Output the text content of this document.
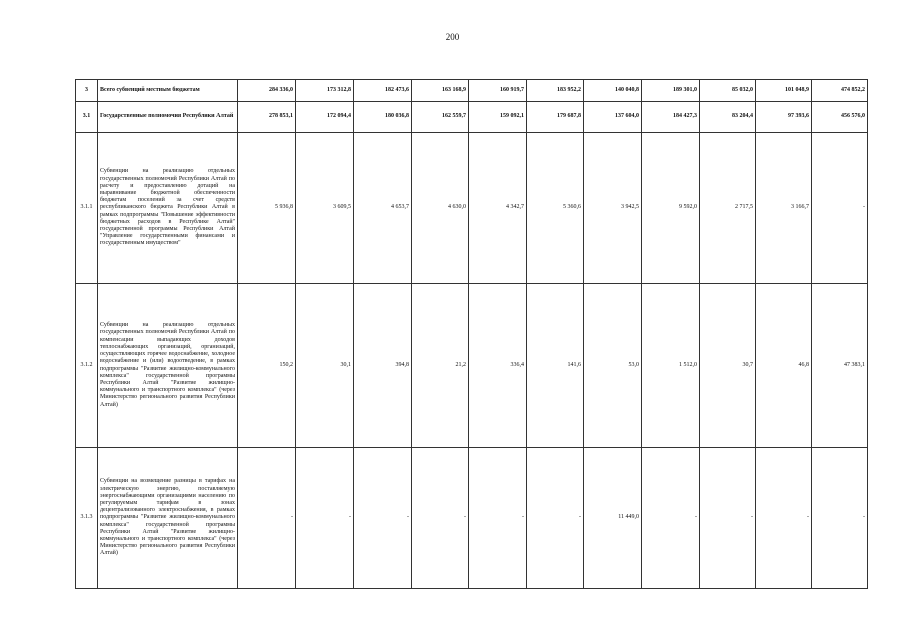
200
3	Всего субвенций местным бюджетам	284 336,0	173 312,8	182 473,6	163 168,9	160 919,7	183 952,2	140 040,8	189 301,0	85 032,0	101 048,9	474 852,2
3.1	Государственные полномочия Республики Алтай	278 853,1	172 094,4	180 036,8	162 559,7	159 092,1	179 687,8	137 604,0	184 427,3	83 204,4	97 393,6	456 576,0
3.1.1	Субвенции на реализацию отдельных государственных полномочий Республики Алтай по расчету и предоставлению дотаций на выравнивание бюджетной обеспеченности бюджетам поселений за счет средств республиканского бюджета Республики Алтай в рамках подпрограммы "Повышение эффективности бюджетных расходов в Республике Алтай" государственной программы Республики Алтай "Управление государственными финансами и государственным имуществом"	5 936,8	3 609,5	4 653,7	4 630,0	4 342,7	5 360,6	3 942,5	9 592,0	2 717,5	3 166,7	-
3.1.2	Субвенции на реализацию отдельных государственных полномочий Республики Алтай по компенсации выпадающих доходов теплоснабжающих организаций, организаций, осуществляющих горячее водоснабжение, холодное водоснабжение и (или) водоотведение, в рамках подпрограммы "Развитие жилищно-коммунального комплекса" государственной программы Республики Алтай "Развитие жилищно-коммунального и транспортного комплекса" (через Министерство регионального развития Республики Алтай)	150,2	30,1	394,8	21,2	336,4	141,6	53,0	1 512,0	30,7	46,8	47 383,1
3.1.3	Субвенции на возмещение разницы в тарифах на электрическую энергию, поставляемую энергоснабжающими организациями населению по регулируемым тарифам в зонах децентрализованного электроснабжения, в рамках подпрограммы "Развитие жилищно-коммунального комплекса" государственной программы Республики Алтай "Развитие жилищно-коммунального и транспортного комплекса" (через Министерство регионального развития Республики Алтай)	-	-	-	-	-	-	11 449,0	-	-	-	-
